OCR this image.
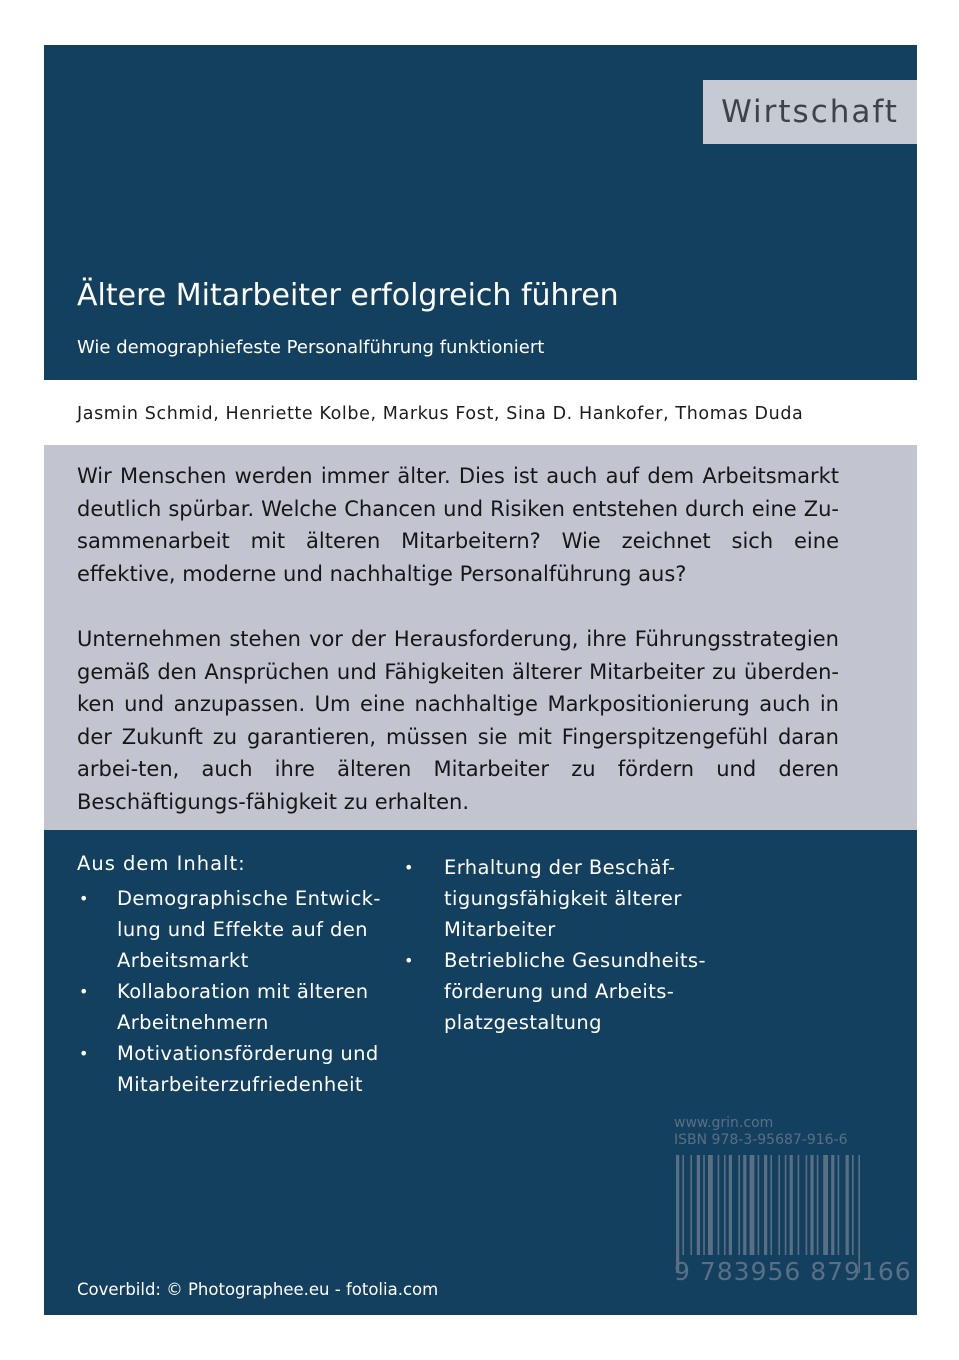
Wirtschaft
Ältere Mitarbeiter erfolgreich führen
Wie demographiefeste Personalführung funktioniert
Jasmin Schmid, Henriette Kolbe, Markus Fost, Sina D. Hankofer, Thomas Duda

Wir Menschen werden immer älter. Dies ist auch auf dem Arbeitsmarkt deutlich spürbar. Welche Chancen und Risiken entstehen durch eine Zu-sammenarbeit mit älteren Mitarbeitern? Wie zeichnet sich eine effektive, moderne und nachhaltige Personalführung aus?

Unternehmen stehen vor der Herausforderung, ihre Führungsstrategien gemäß den Ansprüchen und Fähigkeiten älterer Mitarbeiter zu überden-ken und anzupassen. Um eine nachhaltige Markpositionierung auch in der Zukunft zu garantieren, müssen sie mit Fingerspitzengefühl daran arbei-ten, auch ihre älteren Mitarbeiter zu fördern und deren Beschäftigungs-fähigkeit zu erhalten.

Aus dem Inhalt:
• Demographische Entwick-
lung und Effekte auf den
Arbeitsmarkt
• Kollaboration mit älteren
Arbeitnehmern
• Motivationsförderung und
Mitarbeiterzufriedenheit
• Erhaltung der Beschäf-
tigungsfähigkeit älterer
Mitarbeiter
• Betriebliche Gesundheits-
förderung und Arbeits-
platzgestaltung
www.grin.com
ISBN 978-3-95687-916-6
9 783956 879166
Coverbild: © Photographee.eu - fotolia.com
